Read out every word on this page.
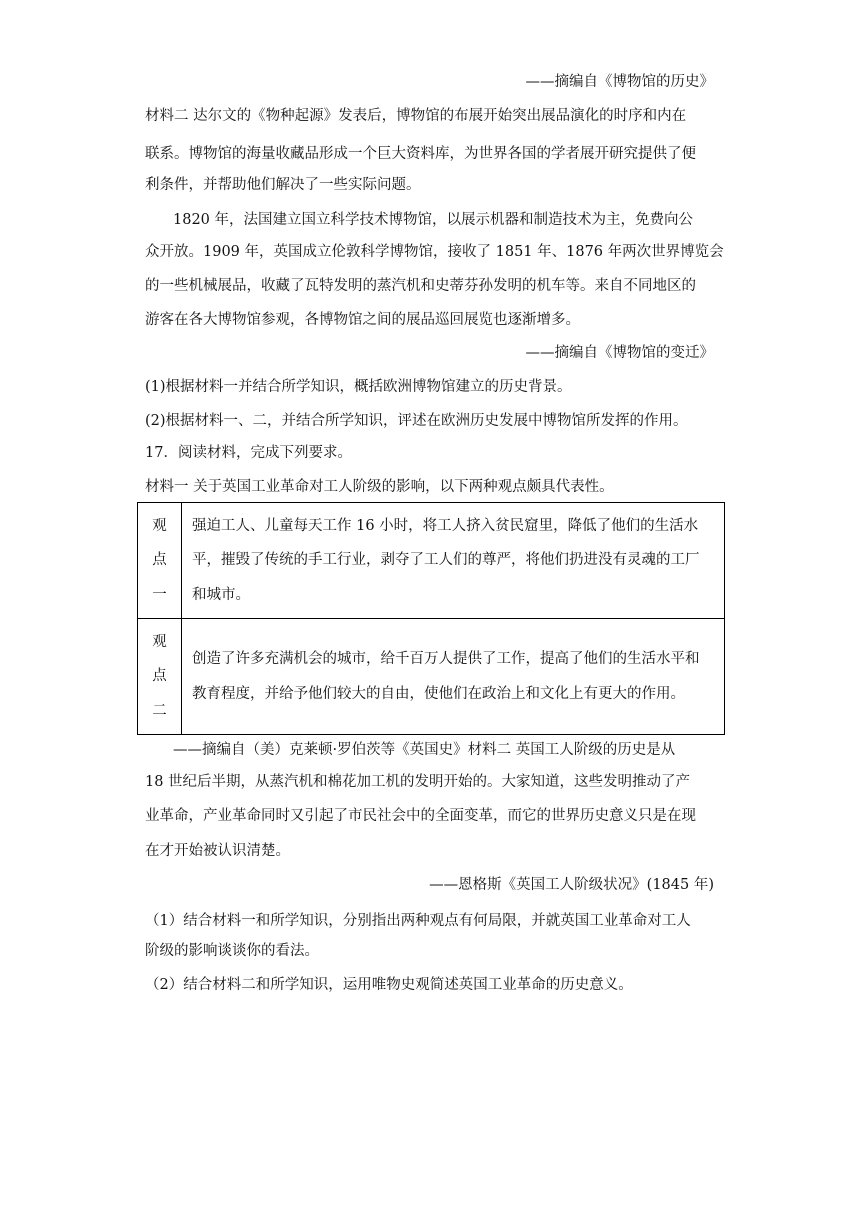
——摘编自《博物馆的历史》
材料二 达尔文的《物种起源》发表后，博物馆的布展开始突出展品演化的时序和内在
联系。博物馆的海量收藏品形成一个巨大资料库，为世界各国的学者展开研究提供了便
利条件，并帮助他们解决了一些实际问题。
1820 年，法国建立国立科学技术博物馆，以展示机器和制造技术为主，免费向公
众开放。1909 年，英国成立伦敦科学博物馆，接收了 1851 年、1876 年两次世界博览会
的一些机械展品，收藏了瓦特发明的蒸汽机和史蒂芬孙发明的机车等。来自不同地区的
游客在各大博物馆参观，各博物馆之间的展品巡回展览也逐渐增多。
——摘编自《博物馆的变迁》
(1)根据材料一并结合所学知识，概括欧洲博物馆建立的历史背景。
(2)根据材料一、二，并结合所学知识，评述在欧洲历史发展中博物馆所发挥的作用。
17．阅读材料，完成下列要求。
材料一 关于英国工业革命对工人阶级的影响，以下两种观点颇具代表性。
观
点
一	强迫工人、儿童每天工作 16 小时，将工人挤入贫民窟里，降低了他们的生活水
平，摧毁了传统的手工行业，剥夺了工人们的尊严，将他们扔进没有灵魂的工厂
和城市。

观
点
二	创造了许多充满机会的城市，给千百万人提供了工作，提高了他们的生活水平和
教育程度，并给予他们较大的自由，使他们在政治上和文化上有更大的作用。
——摘编自（美）克莱顿·罗伯茨等《英国史》材料二 英国工人阶级的历史是从
18 世纪后半期，从蒸汽机和棉花加工机的发明开始的。大家知道，这些发明推动了产
业革命，产业革命同时又引起了市民社会中的全面变革，而它的世界历史意义只是在现
在才开始被认识清楚。
——恩格斯《英国工人阶级状况》(1845 年)
（1）结合材料一和所学知识，分别指出两种观点有何局限，并就英国工业革命对工人
阶级的影响谈谈你的看法。
（2）结合材料二和所学知识，运用唯物史观简述英国工业革命的历史意义。
